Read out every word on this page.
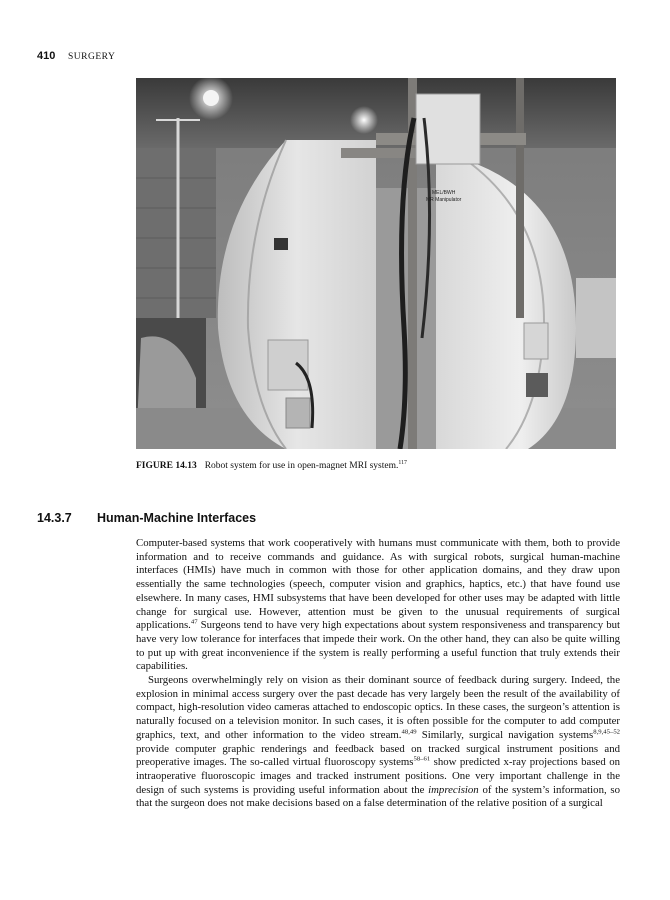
410 SURGERY
MEL/BWH
MR Manipulator
FIGURE 14.13 Robot system for use in open-magnet MRI system.$^{117}$
14.3.7 Human-Machine Interfaces

Computer-based systems that work cooperatively with humans must communicate with them, both to provide information and to receive commands and guidance. As with surgical robots, surgical human-machine interfaces (HMIs) have much in common with those for other application domains, and they draw upon essentially the same technologies (speech, computer vision and graphics, haptics, etc.) that have found use elsewhere. In many cases, HMI subsystems that have been developed for other uses may be adapted with little change for surgical use. However, attention must be given to the unusual requirements of surgical applications.$^{47}$ Surgeons tend to have very high expectations about system responsiveness and transparency but have very low tolerance for interfaces that impede their work. On the other hand, they can also be quite willing to put up with great inconvenience if the system is really performing a useful function that truly extends their capabilities.

Surgeons overwhelmingly rely on vision as their dominant source of feedback during surgery. Indeed, the explosion in minimal access surgery over the past decade has very largely been the result of the availability of compact, high-resolution video cameras attached to endoscopic optics. In these cases, the surgeon’s attention is naturally focused on a television monitor. In such cases, it is often possible for the computer to add computer graphics, text, and other information to the video stream.$^{48,49}$ Similarly, surgical navigation systems$^{8,9,45-52}$ provide computer graphic renderings and feedback based on tracked surgical instrument positions and preoperative images. The so-called virtual fluoroscopy systems$^{58-61}$ show predicted x-ray projections based on intraoperative fluoroscopic images and tracked instrument positions. One very important challenge in the design of such systems is providing useful information about the imprecision of the system’s information, so that the surgeon does not make decisions based on a false determination of the relative position of a surgical
